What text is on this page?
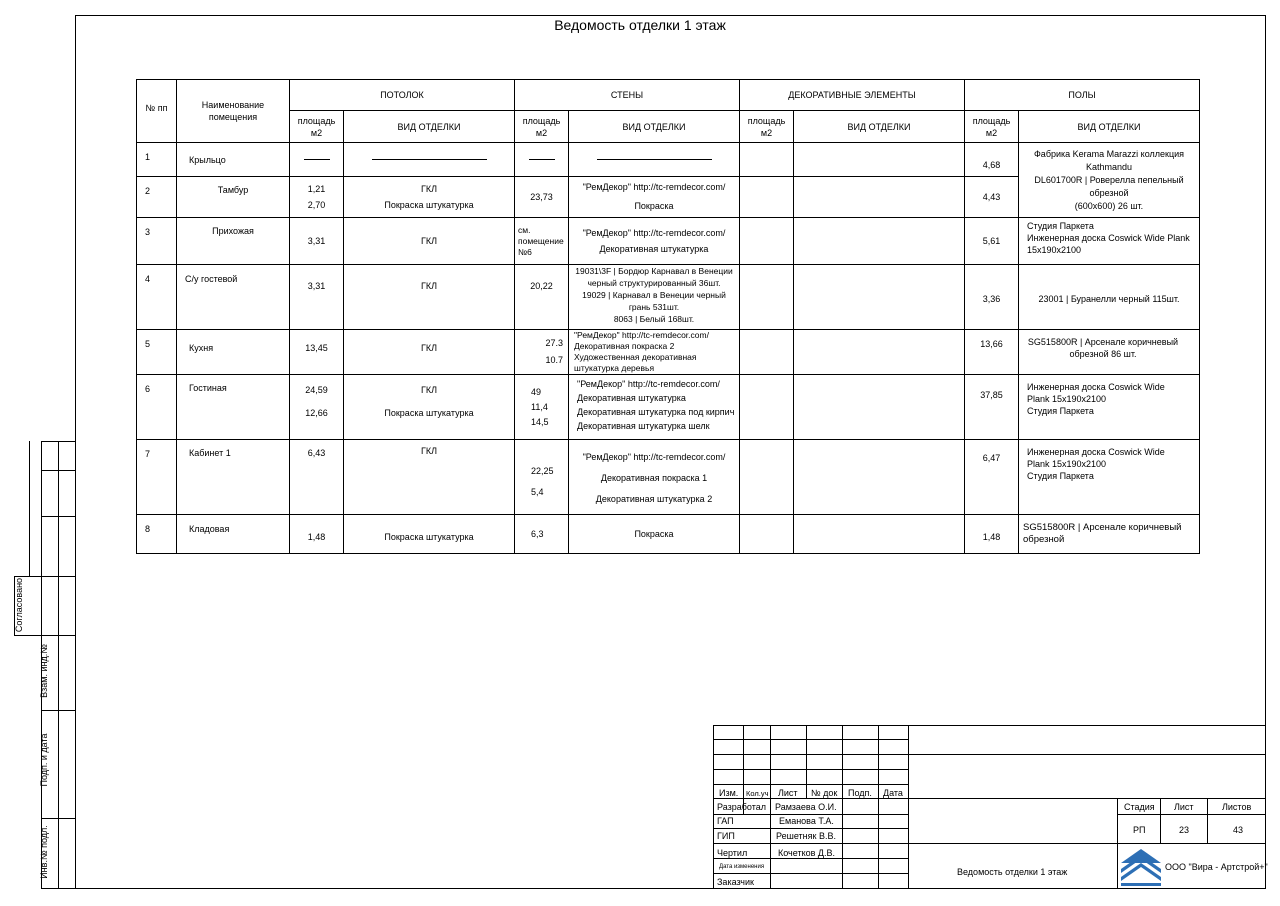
Ведомость отделки 1 этаж
№ пп	Наименование помещения	ПОТОЛОК		СТЕНЫ		ДЕКОРАТИВНЫЕ ЭЛЕМЕНТЫ		ПОЛЫ	
		площадь м2	ВИД ОТДЕЛКИ	площадь м2	ВИД ОТДЕЛКИ	площадь м2	ВИД ОТДЕЛКИ	площадь м2	ВИД ОТДЕЛКИ
1	Крыльцо							4,68	Фабрика Kerama Marazzi коллекция Kathmandu
DL601700R | Ровереллa пепельный обрезной
(600х600) 26 шт.
2	Тамбур	1,21
2,70	ГКЛ
Покраска штукатурка	23,73	"РемДекор" http://tc-remdecor.com/
Покраска			4,43	
3	Прихожая	3,31	ГКЛ	см. помещение №6	"РемДекор" http://tc-remdecor.com/
Декоративная штукатурка			5,61	Студия Паркета
Инженерная доска Coswick Wide Plank 15х190х2100
4	С/у гостевой	3,31	ГКЛ	20,22	19031\3F | Бордюр Карнавал в Венеции черный структурированный 36шт.
19029 | Карнавал в Венеции черный грань 531шт.
8063 | Белый 168шт.			3,36	23001 | Буранелли черный 115шт.
5	Кухня	13,45	ГКЛ	27.3
10.7	"РемДекор" http://tc-remdecor.com/
Декоративная покраска 2
Художественная декоративная штукатурка деревья			13,66	SG515800R | Арсенале коричневый обрезной 86 шт.
6	Гостиная	24,59
12,66	ГКЛ
Покраска штукатурка	49
11,4
14,5	"РемДекор" http://tc-remdecor.com/
Декоративная штукатурка
Декоративная штукатурка под кирпич
Декоративная штукатурка шелк			37,85	Инженерная доска Coswick Wide Plank 15х190х2100
Студия Паркета
7	Кабинет 1	6,43	ГКЛ	22,25
5,4	"РемДекор" http://tc-remdecor.com/
Декоративная покраска 1
Декоративная штукатурка 2			6,47	Инженерная доска Coswick Wide Plank 15х190х2100
Студия Паркета
8	Кладовая	1,48	Покраска штукатурка	6,3	Покраска			1,48	SG515800R | Арсенале коричневый обрезной
Согласовано
Взам. инд.№
Подп. и дата
Инв.№ подл.
Изм. Кол.уч Лист № док Подп. Дата
Разработал Рамзаева О.И.
ГАП	Еманова Т.А.
ГИП	Решетняк В.В.
Чертил	Кочетков Д.В.
Дата изменения
Заказчик
Стадия Лист	Листов
РП	23	43
Ведомость отделки 1 этаж	ООО "Вира - Артстрой+"
